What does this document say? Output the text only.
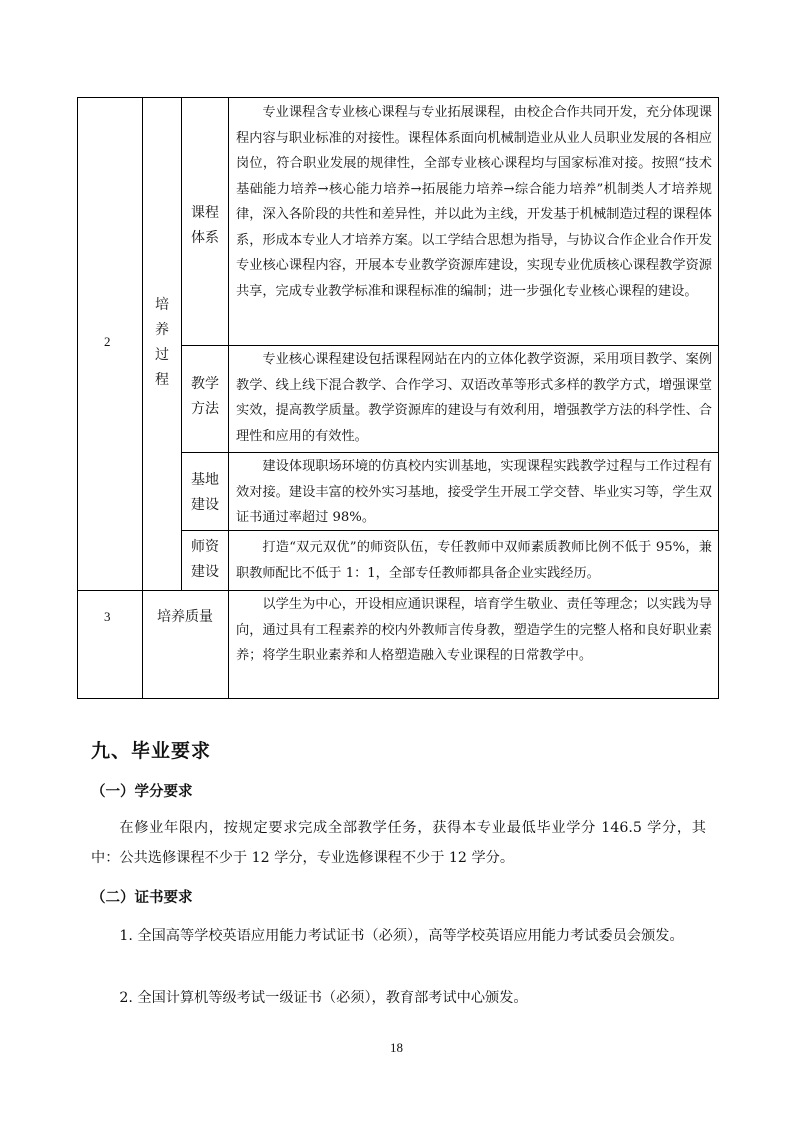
2
培养过程
课程体系
专业课程含专业核心课程与专业拓展课程，由校企合作共同开发，充分体现课程内容与职业标准的对接性。课程体系面向机械制造业从业人员职业发展的各相应岗位，符合职业发展的规律性，全部专业核心课程均与国家标准对接。按照“技术基础能力培养→核心能力培养→拓展能力培养→综合能力培养”机制类人才培养规律，深入各阶段的共性和差异性，并以此为主线，开发基于机械制造过程的课程体系，形成本专业人才培养方案。以工学结合思想为指导，与协议合作企业合作开发专业核心课程内容，开展本专业教学资源库建设，实现专业优质核心课程教学资源共享，完成专业教学标准和课程标准的编制；进一步强化专业核心课程的建设。
教学方法
专业核心课程建设包括课程网站在内的立体化教学资源，采用项目教学、案例教学、线上线下混合教学、合作学习、双语改革等形式多样的教学方式，增强课堂实效，提高教学质量。教学资源库的建设与有效利用，增强教学方法的科学性、合理性和应用的有效性。
基地建设
建设体现职场环境的仿真校内实训基地，实现课程实践教学过程与工作过程有效对接。建设丰富的校外实习基地，接受学生开展工学交替、毕业实习等，学生双证书通过率超过 98%。
师资建设
打造“双元双优”的师资队伍，专任教师中双师素质教师比例不低于 95%，兼职教师配比不低于 1：1，全部专任教师都具备企业实践经历。
3	培养质量
以学生为中心，开设相应通识课程，培育学生敬业、责任等理念；以实践为导向，通过具有工程素养的校内外教师言传身教，塑造学生的完整人格和良好职业素养；将学生职业素养和人格塑造融入专业课程的日常教学中。
九、毕业要求
（一）学分要求
在修业年限内，按规定要求完成全部教学任务，获得本专业最低毕业学分 146.5 学分，其中：公共选修课程不少于 12 学分，专业选修课程不少于 12 学分。
（二）证书要求
1. 全国高等学校英语应用能力考试证书（必须），高等学校英语应用能力考试委员会颁发。
2. 全国计算机等级考试一级证书（必须），教育部考试中心颁发。
18
